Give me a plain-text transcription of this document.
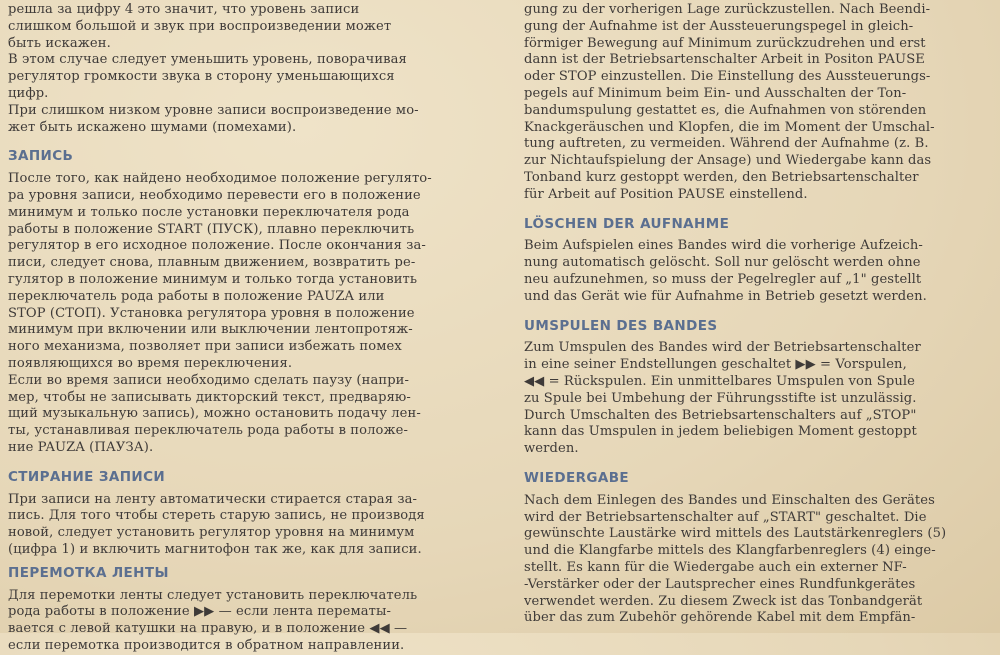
решла за цифру 4 это значит, что уровень записи
слишком большой и звук при воспроизведении может
быть искажен.
В этом случае следует уменьшить уровень, поворачивая
регулятор громкости звука в сторону уменьшающихся
цифр.
При слишком низком уровне записи воспроизведение мо-
жет быть искажено шумами (помехами).
ЗАПИСЬ
После того, как найдено необходимое положение регулято-
ра уровня записи, необходимо перевести его в положение
минимум и только после установки переключателя рода
работы в положение START (ПУСК), плавно переключить
регулятор в его исходное положение. После окончания за-
писи, следует снова, плавным движением, возвратить ре-
гулятор в положение минимум и только тогда установить
переключатель рода работы в положение PAUZA или
STOP (СТОП). Установка регулятора уровня в положение
минимум при включении или выключении лентопротяж-
ного механизма, позволяет при записи избежать помех
появляющихся во время переключения.
Если во время записи необходимо сделать паузу (напри-
мер, чтобы не записывать дикторский текст, предваряю-
щий музыкальную запись), можно остановить подачу лен-
ты, устанавливая переключатель рода работы в положе-
ние PAUZA (ПАУЗА).
СТИРАНИЕ ЗАПИСИ
При записи на ленту автоматически стирается старая за-
пись. Для того чтобы стереть старую запись, не производя
новой, следует установить регулятор уровня на минимум
(цифра 1) и включить магнитофон так же, как для записи.
ПЕРЕМОТКА ЛЕНТЫ
Для перемотки ленты следует установить переключатель
рода работы в положение ▶▶ — если лента перематы-
вается с левой катушки на правую, и в положение ◀◀ —
если перемотка производится в обратном направлении.
gung zu der vorherigen Lage zurückzustellen. Nach Beendi-
gung der Aufnahme ist der Aussteuerungspegel in gleich-
förmiger Bewegung auf Minimum zurückzudrehen und erst
dann ist der Betriebsartenschalter Arbeit in Positon PAUSE
oder STOP einzustellen. Die Einstellung des Aussteuerungs-
pegels auf Minimum beim Ein- und Ausschalten der Ton-
bandumspulung gestattet es, die Aufnahmen von störenden
Knackgeräuschen und Klopfen, die im Moment der Umschal-
tung auftreten, zu vermeiden. Während der Aufnahme (z. B.
zur Nichtaufspielung der Ansage) und Wiedergabe kann das
Tonband kurz gestoppt werden, den Betriebsartenschalter
für Arbeit auf Position PAUSE einstellend.
LÖSCHEN DER AUFNAHME
Beim Aufspielen eines Bandes wird die vorherige Aufzeich-
nung automatisch gelöscht. Soll nur gelöscht werden ohne
neu aufzunehmen, so muss der Pegelregler auf „1" gestellt
und das Gerät wie für Aufnahme in Betrieb gesetzt werden.
UMSPULEN DES BANDES
Zum Umspulen des Bandes wird der Betriebsartenschalter
in eine seiner Endstellungen geschaltet ▶▶ = Vorspulen,
◀◀ = Rückspulen. Ein unmittelbares Umspulen von Spule
zu Spule bei Umbehung der Führungsstifte ist unzulässig.
Durch Umschalten des Betriebsartenschalters auf „STOP"
kann das Umspulen in jedem beliebigen Moment gestoppt
werden.
WIEDERGABE
Nach dem Einlegen des Bandes und Einschalten des Gerätes
wird der Betriebsartenschalter auf „START" geschaltet. Die
gewünschte Laustärke wird mittels des Lautstärkenreglers (5)
und die Klangfarbe mittels des Klangfarbenreglers (4) einge-
stellt. Es kann für die Wiedergabe auch ein externer NF-
-Verstärker oder der Lautsprecher eines Rundfunkgerätes
verwendet werden. Zu diesem Zweck ist das Tonbandgerät
über das zum Zubehör gehörende Kabel mit dem Empfän-
